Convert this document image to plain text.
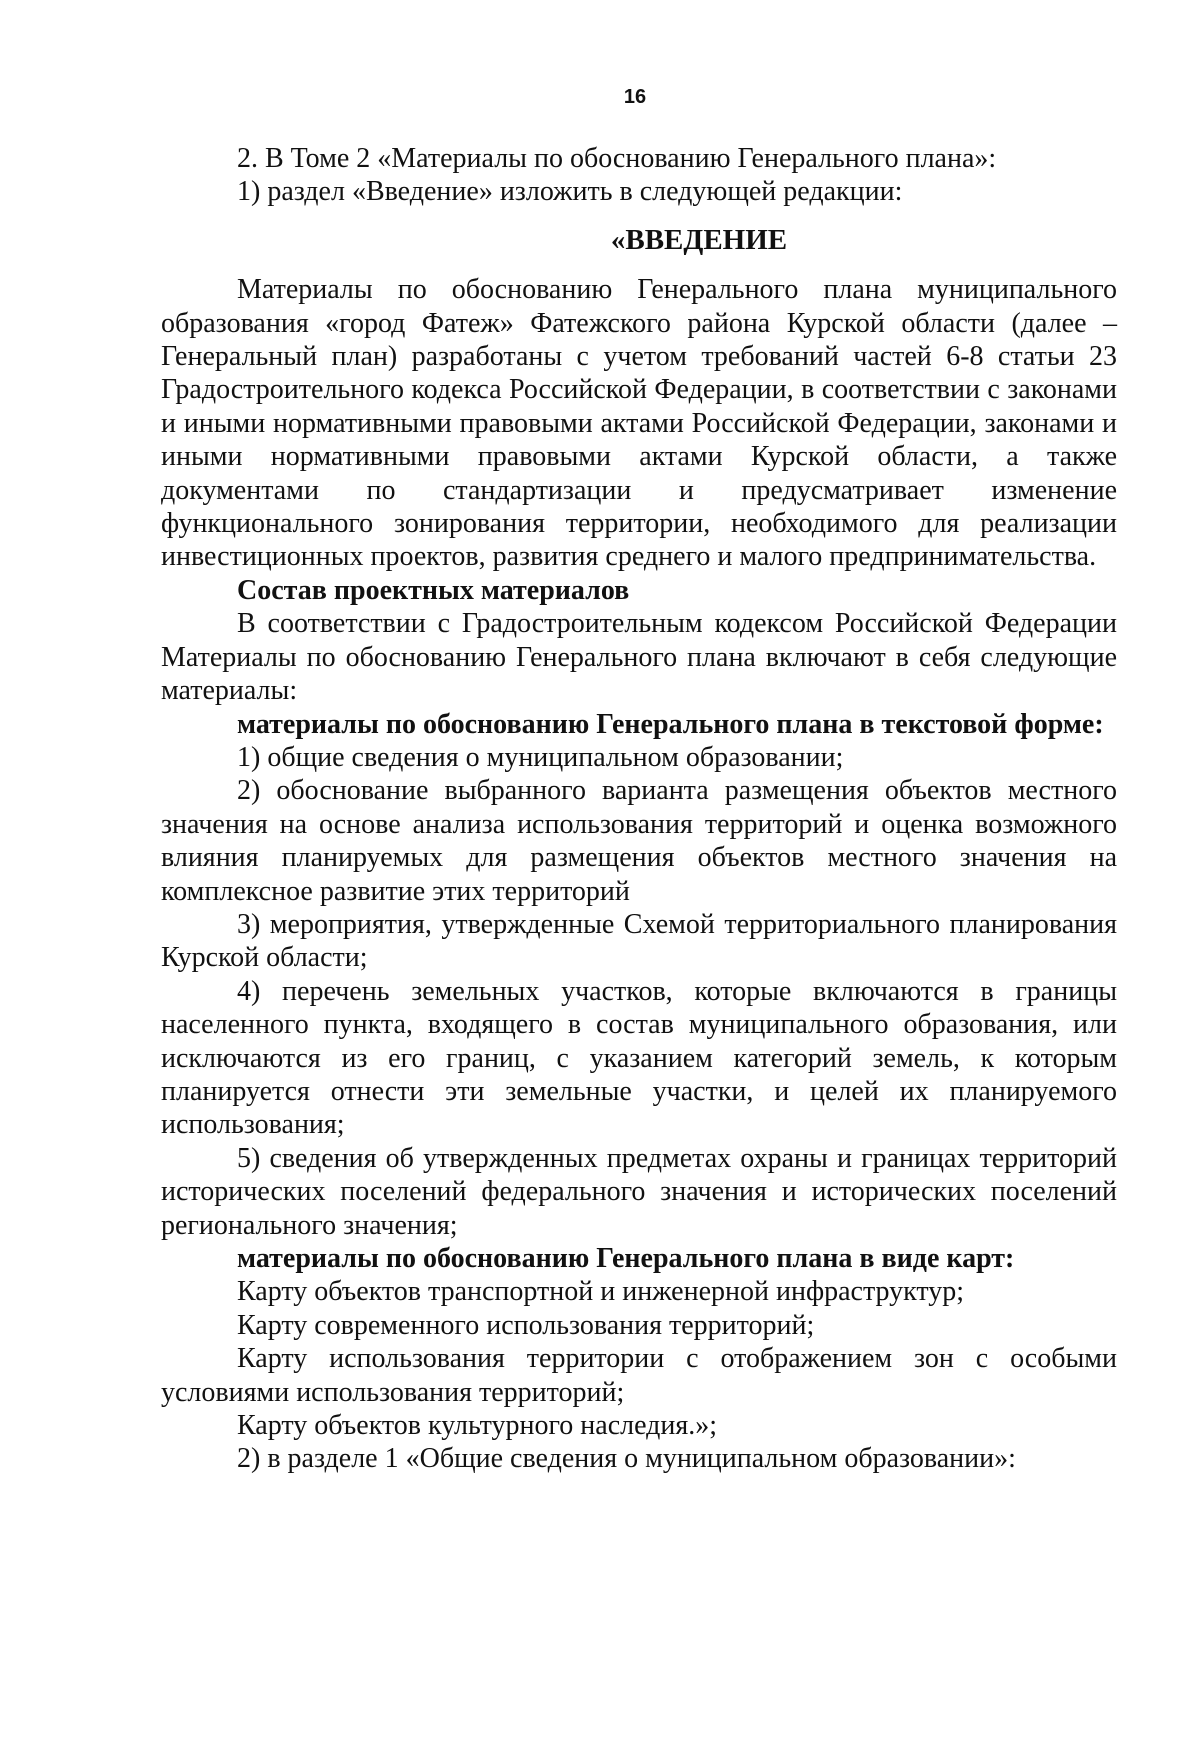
16

2. В Томе 2 «Материалы по обоснованию Генерального плана»:

1) раздел «Введение» изложить в следующей редакции:

«ВВЕДЕНИЕ

Материалы по обоснованию Генерального плана муниципального образования «город Фатеж» Фатежского района Курской области (далее – Генеральный план) разработаны с учетом требований частей 6-8 статьи 23 Градостроительного кодекса Российской Федерации, в соответствии с законами и иными нормативными правовыми актами Российской Федерации, законами и иными нормативными правовыми актами Курской области, а также документами по стандартизации и предусматривает изменение функционального зонирования территории, необходимого для реализации инвестиционных проектов, развития среднего и малого предпринимательства.

Состав проектных материалов

В соответствии с Градостроительным кодексом Российской Федерации Материалы по обоснованию Генерального плана включают в себя следующие материалы:

материалы по обоснованию Генерального плана в текстовой форме:

1) общие сведения о муниципальном образовании;

2) обоснование выбранного варианта размещения объектов местного значения на основе анализа использования территорий и оценка возможного влияния планируемых для размещения объектов местного значения на комплексное развитие этих территорий

3) мероприятия, утвержденные Схемой территориального планирования Курской области;

4) перечень земельных участков, которые включаются в границы населенного пункта, входящего в состав муниципального образования, или исключаются из его границ, с указанием категорий земель, к которым планируется отнести эти земельные участки, и целей их планируемого использования;

5) сведения об утвержденных предметах охраны и границах территорий исторических поселений федерального значения и исторических поселений регионального значения;

материалы по обоснованию Генерального плана в виде карт:

Карту объектов транспортной и инженерной инфраструктур;

Карту современного использования территорий;

Карту использования территории с отображением зон с особыми условиями использования территорий;

Карту объектов культурного наследия.»;

2) в разделе 1 «Общие сведения о муниципальном образовании»:
